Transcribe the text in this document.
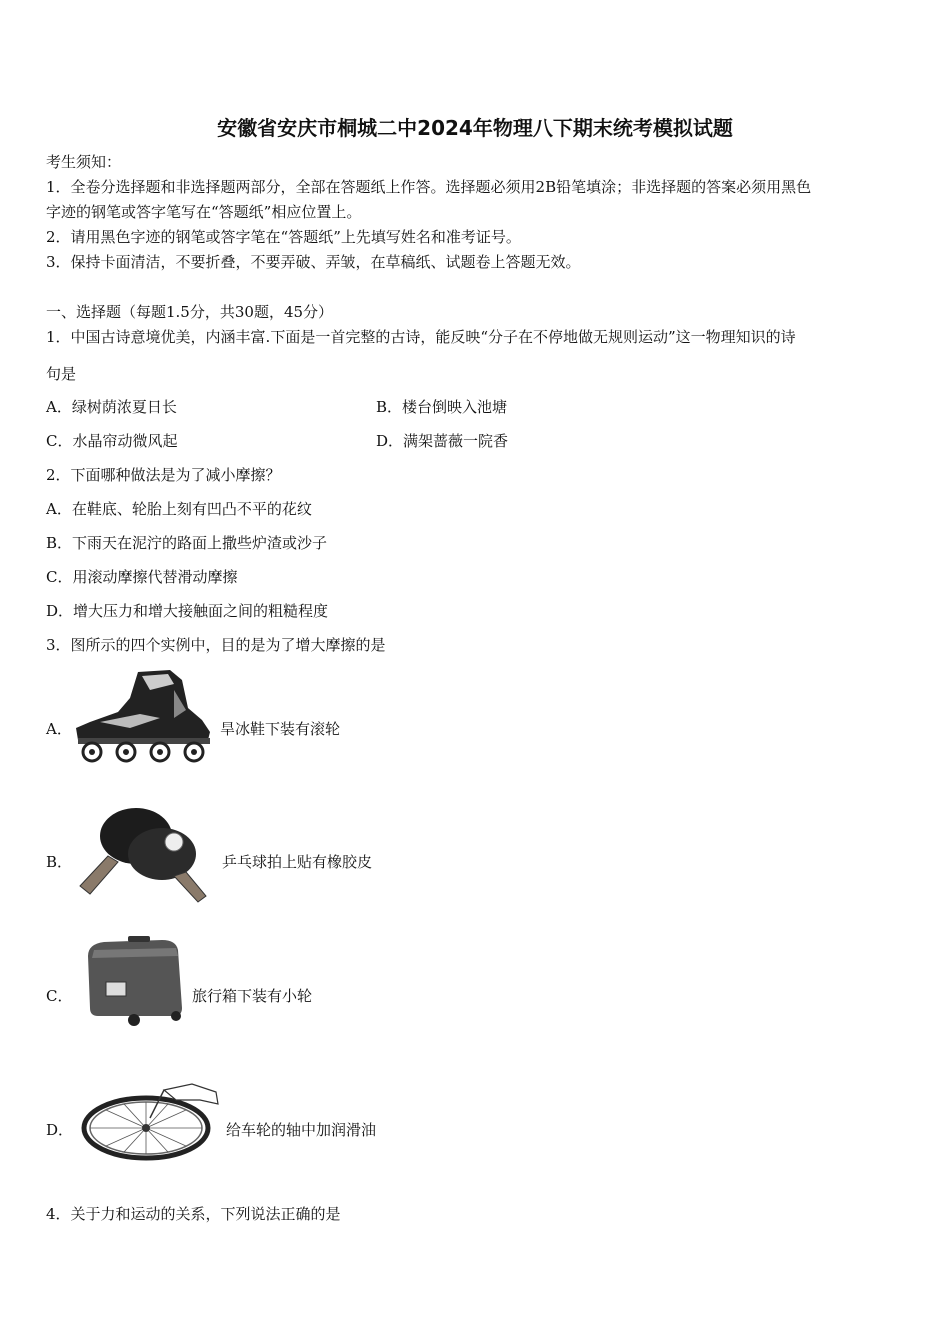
安徽省安庆市桐城二中2024年物理八下期末统考模拟试题
考生须知：
1．全卷分选择题和非选择题两部分，全部在答题纸上作答。选择题必须用2B铅笔填涂；非选择题的答案必须用黑色
字迹的钢笔或答字笔写在“答题纸”相应位置上。
2．请用黑色字迹的钢笔或答字笔在“答题纸”上先填写姓名和准考证号。
3．保持卡面清洁，不要折叠，不要弄破、弄皱，在草稿纸、试题卷上答题无效。
一、选择题（每题1.5分，共30题，45分）
1．中国古诗意境优美，内涵丰富.下面是一首完整的古诗，能反映“分子在不停地做无规则运动”这一物理知识的诗
句是
A．绿树荫浓夏日长	B．楼台倒映入池塘
C．水晶帘动微风起	D．满架蔷薇一院香
2．下面哪种做法是为了减小摩擦？
A．在鞋底、轮胎上刻有凹凸不平的花纹
B．下雨天在泥泞的路面上撒些炉渣或沙子
C．用滚动摩擦代替滑动摩擦
D．增大压力和增大接触面之间的粗糙程度
3．图所示的四个实例中，目的是为了增大摩擦的是
A．	旱冰鞋下装有滚轮
B．	乒乓球拍上贴有橡胶皮
C．	旅行箱下装有小轮
D．	给车轮的轴中加润滑油
4．关于力和运动的关系，下列说法正确的是
